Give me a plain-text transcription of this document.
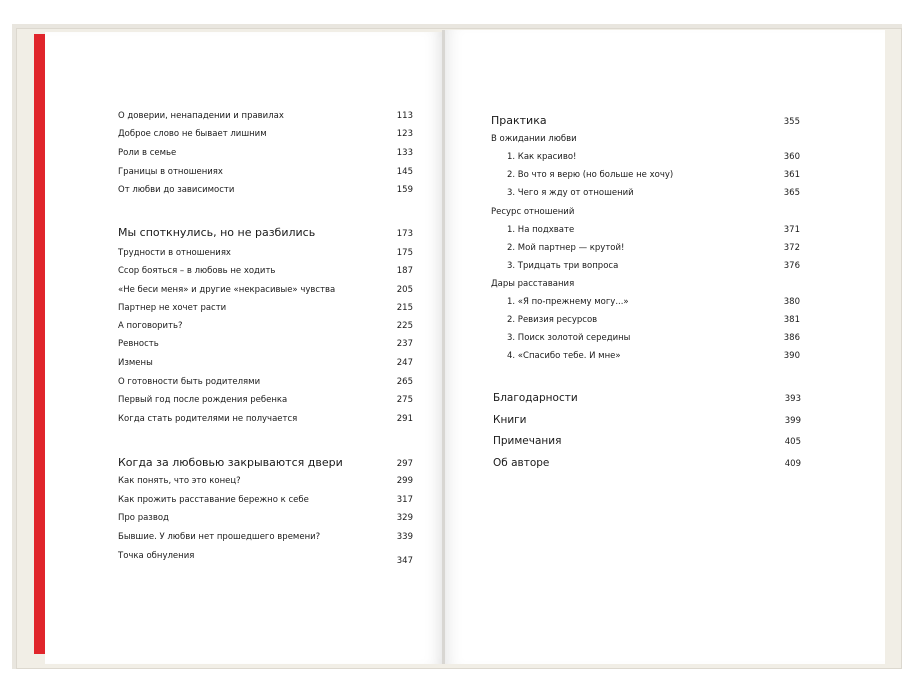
О доверии, ненападении и правилах	113
Доброе слово не бывает лишним	123
Роли в семье	133
Границы в отношениях	145
От любви до зависимости	159
Мы споткнулись, но не разбились	173
Трудности в отношениях	175
Ссор бояться – в любовь не ходить	187
«Не беси меня» и другие «некрасивые» чувства	205
Партнер не хочет расти	215
А поговорить?	225
Ревность	237
Измены	247
О готовности быть родителями	265
Первый год после рождения ребенка	275
Когда стать родителями не получается	291
Когда за любовью закрываются двери	297
Как понять, что это конец?	299
Как прожить расставание бережно к себе	317
Про развод	329
Бывшие. У любви нет прошедшего времени?	339
Точка обнуления	347
Практика	355
В ожидании любви
1. Как красиво!	360
2. Во что я верю (но больше не хочу)	361
3. Чего я жду от отношений	365
Ресурс отношений
1. На подхвате	371
2. Мой партнер — крутой!	372
3. Тридцать три вопроса	376
Дары расставания
1. «Я по-прежнему могу...»	380
2. Ревизия ресурсов	381
3. Поиск золотой середины	386
4. «Спасибо тебе. И мне»	390
Благодарности	393
Книги	399
Примечания	405
Об авторе	409
